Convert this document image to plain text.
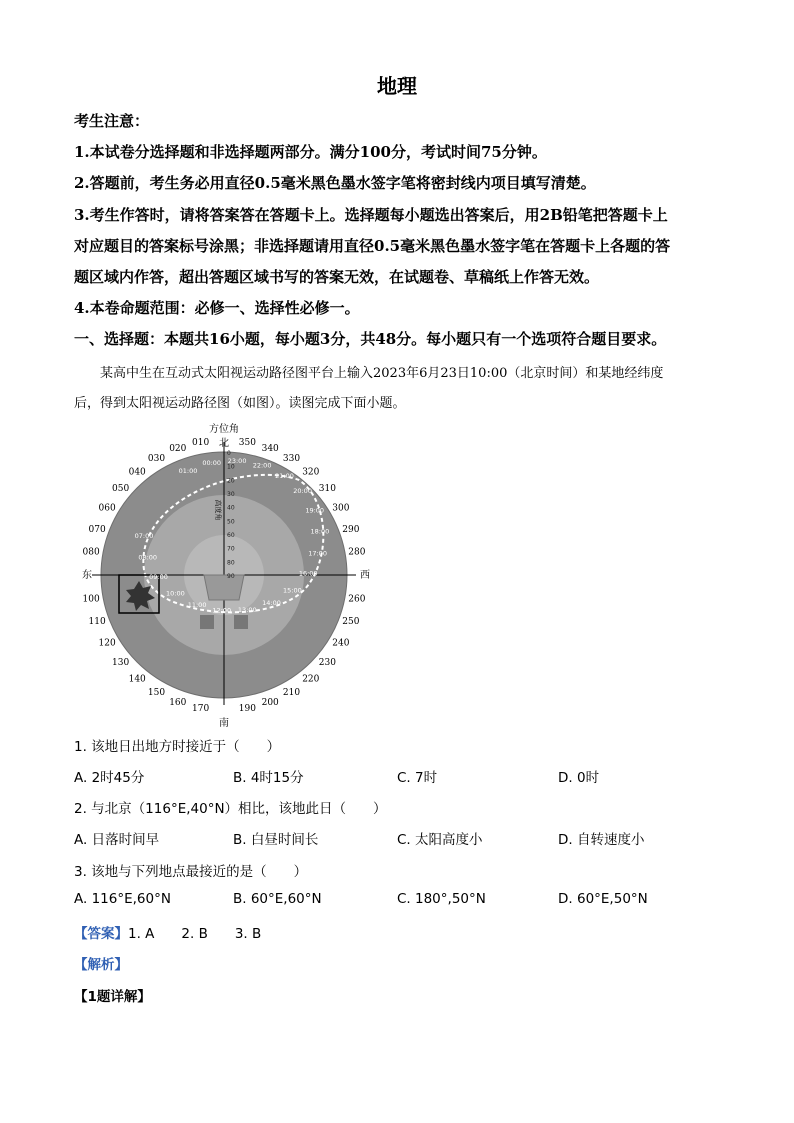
地理
考生注意：
1.本试卷分选择题和非选择题两部分。满分100分，考试时间75分钟。
2.答题前，考生务必用直径0.5毫米黑色墨水签字笔将密封线内项目填写清楚。
3.考生作答时，请将答案答在答题卡上。选择题每小题选出答案后，用2B铅笔把答题卡上
对应题目的答案标号涂黑；非选择题请用直径0.5毫米黑色墨水签字笔在答题卡上各题的答
题区域内作答，超出答题区域书写的答案无效，在试题卷、草稿纸上作答无效。
4.本卷命题范围：必修一、选择性必修一。
一、选择题：本题共16小题，每小题3分，共48分。每小题只有一个选项符合题目要求。
某高中生在互动式太阳视运动路径图平台上输入2023年6月23日10:00（北京时间）和某地经纬度
后，得到太阳视运动路径图（如图）。读图完成下面小题。
方位角
北
南
东	西
高度角
350
340
330
320
310
300
290
280
260
250
240
230
220
210
200
190
170
160
150
140
130
120
110
100
080
070
060
050
040
030
020
010
0
10
20
30
40
50
60
70
80
90
01:00
00:00 23:00
22:00
21:00
20:00
19:00
18:00
17:00
16:00
15:00
14:00
13:00
12:00
11:00
10:00
09:00
08:00
07:00
1. 该地日出地方时接近于（　　）
A. 2时45分	B. 4时15分	C. 7时	D. 0时
2. 与北京（116°E,40°N）相比，该地此日（　　）
A. 日落时间早	B. 白昼时间长	C. 太阳高度小	D. 自转速度小
3. 该地与下列地点最接近的是（　　）
A. 116°E,60°N	B. 60°E,60°N	C. 180°,50°N	D. 60°E,50°N
【答案】1. A　　2. B　　3. B
【解析】
【1题详解】
